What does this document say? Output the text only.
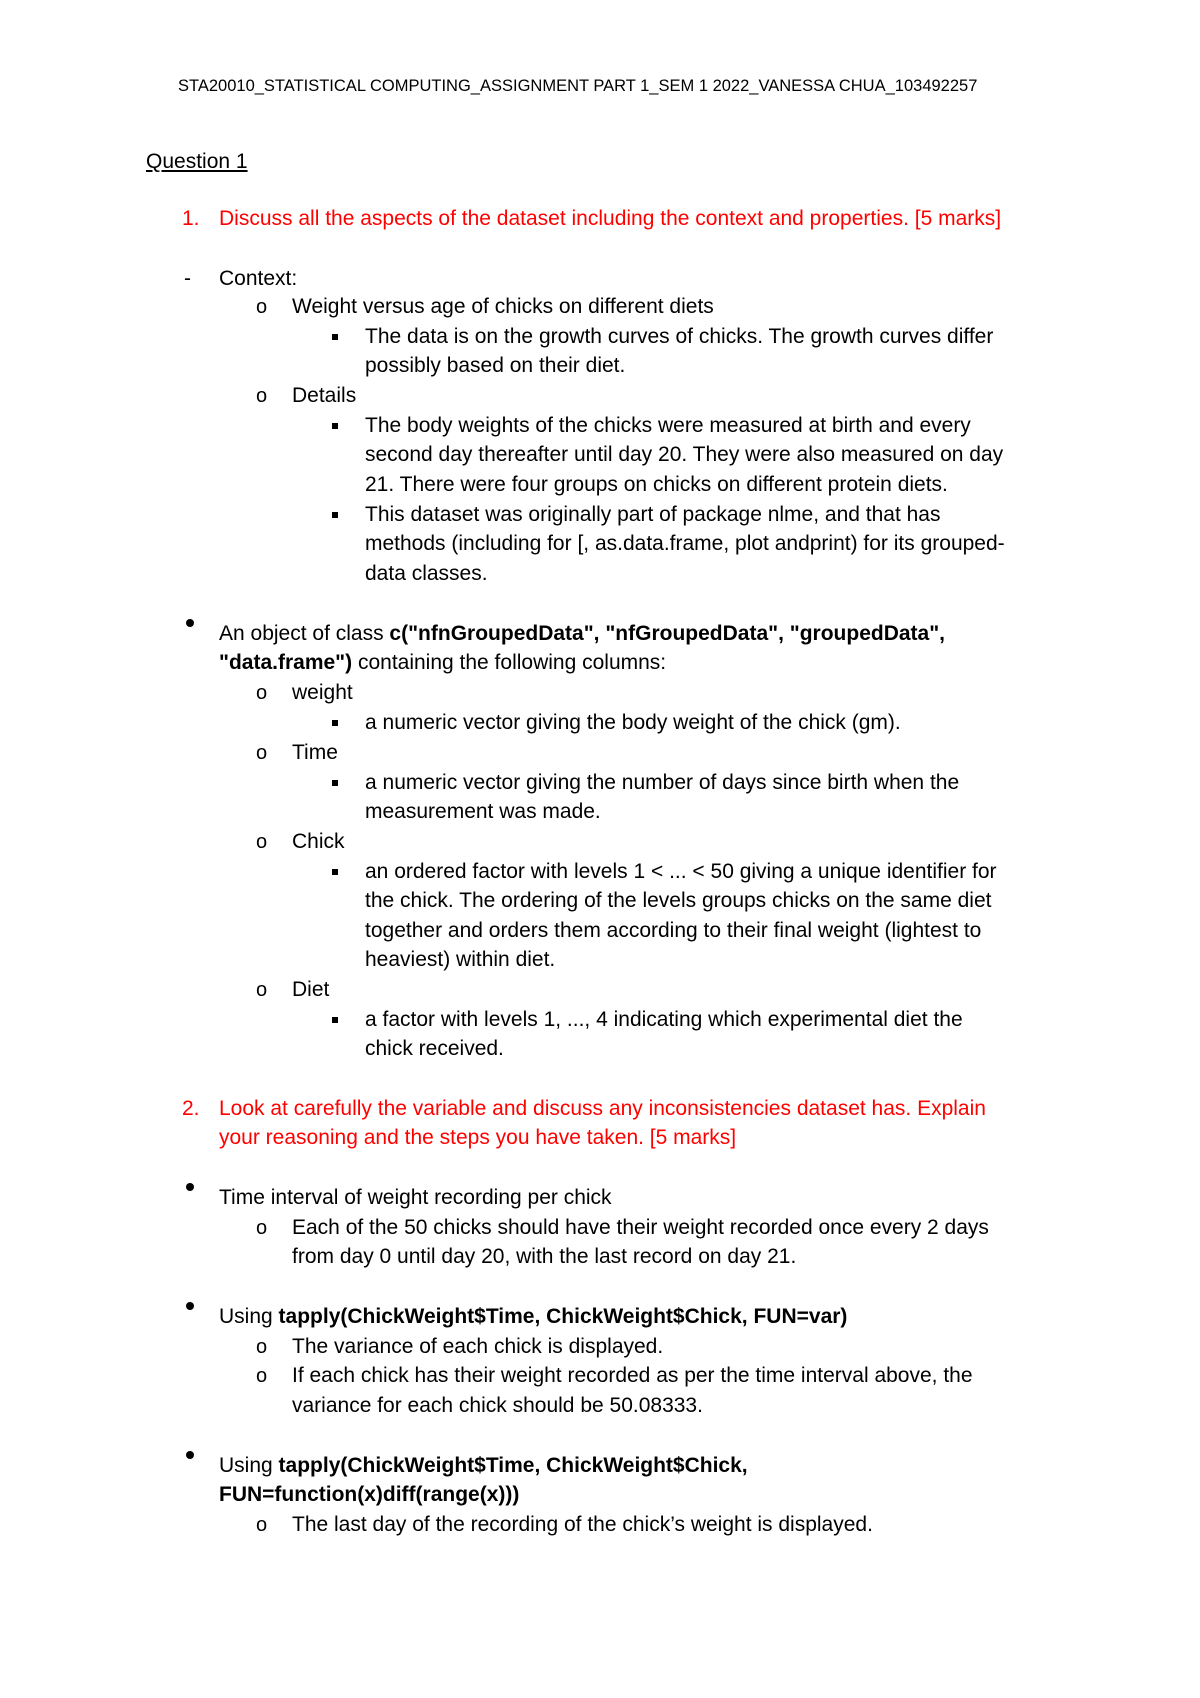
STA20010_STATISTICAL COMPUTING_ASSIGNMENT PART 1_SEM 1 2022_VANESSA CHUA_103492257
Question 1
1. Discuss all the aspects of the dataset including the context and properties. [5 marks]
- Context:
o Weight versus age of chicks on different diets
The data is on the growth curves of chicks. The growth curves differ
possibly based on their diet.
o Details
The body weights of the chicks were measured at birth and every
second day thereafter until day 20. They were also measured on day
21. There were four groups on chicks on different protein diets.
This dataset was originally part of package nlme, and that has
methods (including for [, as.data.frame, plot andprint) for its grouped-
data classes.
An object of class c("nfnGroupedData", "nfGroupedData", "groupedData",
"data.frame") containing the following columns:
o weight
a numeric vector giving the body weight of the chick (gm).
o Time
a numeric vector giving the number of days since birth when the
measurement was made.
o Chick
an ordered factor with levels 1 < ... < 50 giving a unique identifier for
the chick. The ordering of the levels groups chicks on the same diet
together and orders them according to their final weight (lightest to
heaviest) within diet.
o Diet
a factor with levels 1, ..., 4 indicating which experimental diet the
chick received.
2. Look at carefully the variable and discuss any inconsistencies dataset has. Explain
your reasoning and the steps you have taken. [5 marks]
Time interval of weight recording per chick
o Each of the 50 chicks should have their weight recorded once every 2 days
from day 0 until day 20, with the last record on day 21.
Using tapply(ChickWeight$Time, ChickWeight$Chick, FUN=var)
o The variance of each chick is displayed.
o If each chick has their weight recorded as per the time interval above, the
variance for each chick should be 50.08333.
Using tapply(ChickWeight$Time, ChickWeight$Chick,
FUN=function(x)diff(range(x)))
o The last day of the recording of the chick’s weight is displayed.
